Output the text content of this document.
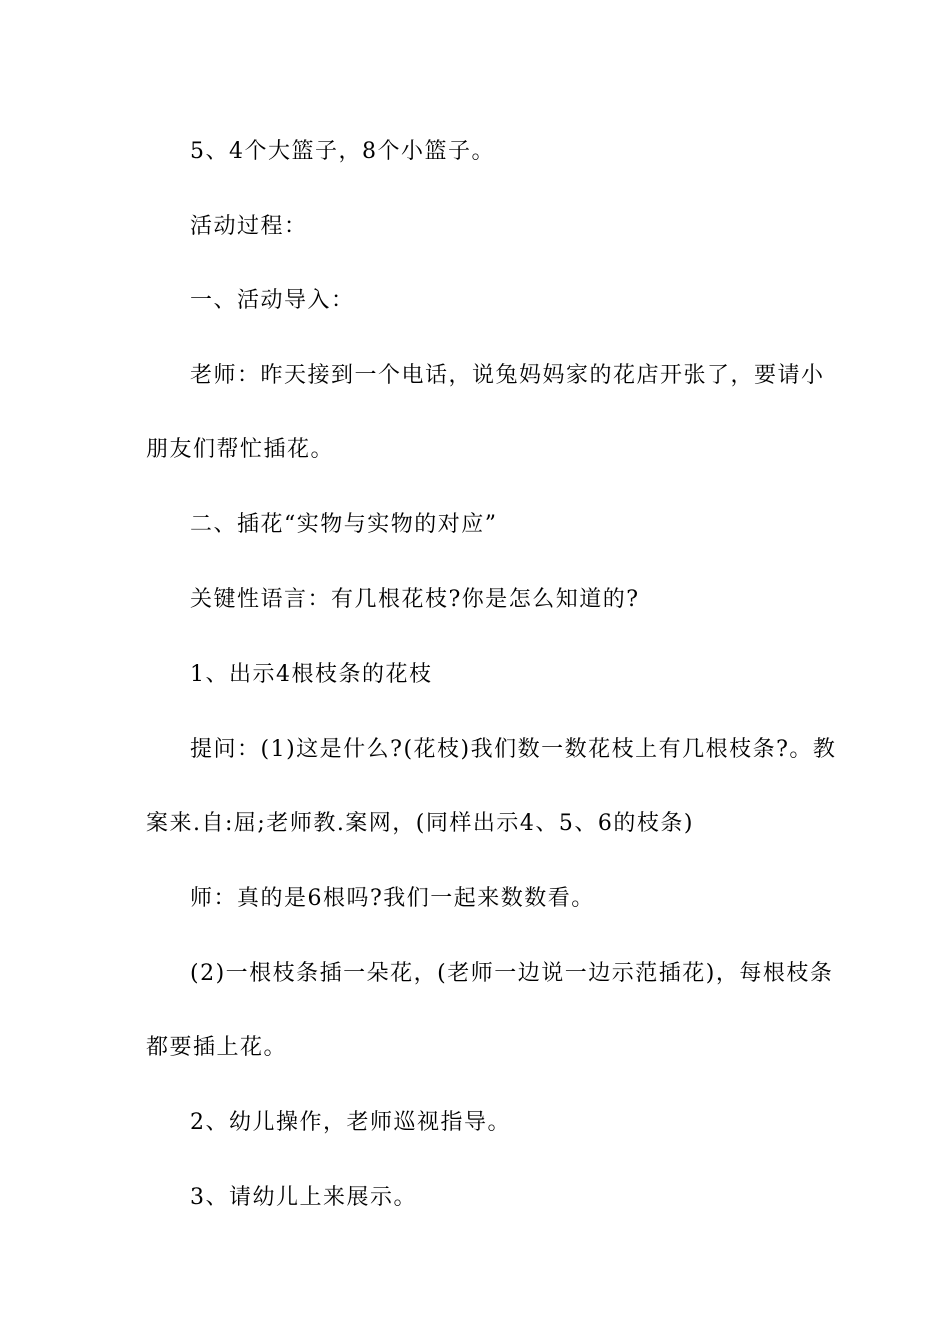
5、4个大篮子，8个小篮子。

活动过程：

一、活动导入：

老师：昨天接到一个电话，说兔妈妈家的花店开张了，要请小

朋友们帮忙插花。

二、插花“实物与实物的对应”

关键性语言：有几根花枝?你是怎么知道的?

1、出示4根枝条的花枝

提问：(1)这是什么?(花枝)我们数一数花枝上有几根枝条?。教

案来.自:屈;老师教.案网，(同样出示4、5、6的枝条)

师：真的是6根吗?我们一起来数数看。

(2)一根枝条插一朵花，(老师一边说一边示范插花)，每根枝条

都要插上花。

2、幼儿操作，老师巡视指导。

3、请幼儿上来展示。
